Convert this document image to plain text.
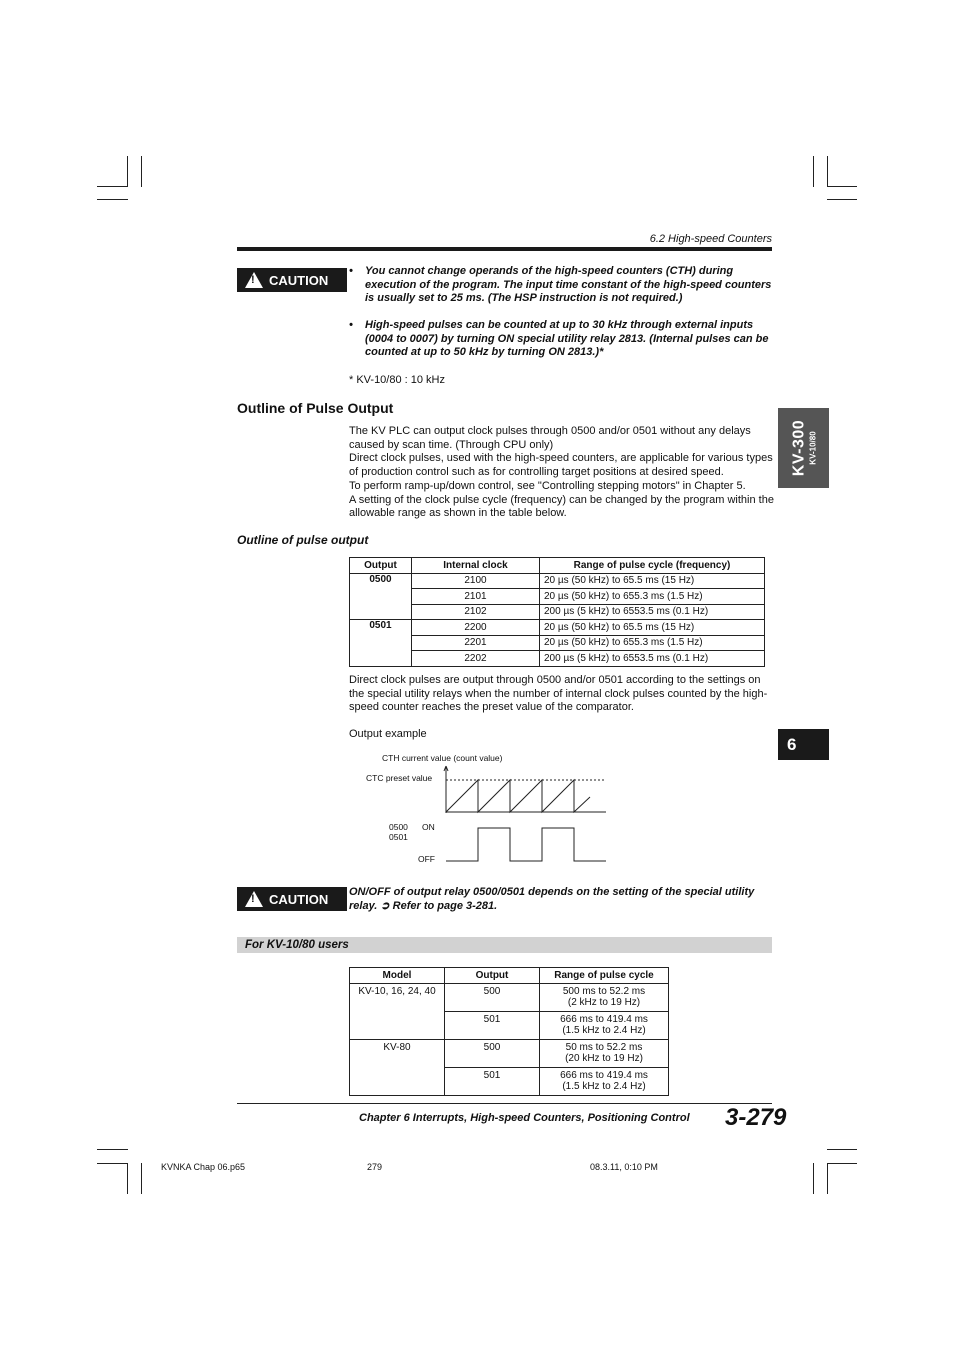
6.2 High-speed Counters
! CAUTION
• You cannot change operands of the high-speed counters (CTH) during execution of the program. The input time constant of the high-speed counters is usually set to 25 ms. (The HSP instruction is not required.)
• High-speed pulses can be counted at up to 30 kHz through external inputs (0004 to 0007) by turning ON special utility relay 2813. (Internal pulses can be counted at up to 50 kHz by turning ON 2813.)*
* KV-10/80 : 10 kHz
Outline of Pulse Output
The KV PLC can output clock pulses through 0500 and/or 0501 without any delays caused by scan time. (Through CPU only)
Direct clock pulses, used with the high-speed counters, are applicable for various types of production control such as for controlling target positions at desired speed.
To perform ramp-up/down control, see "Controlling stepping motors" in Chapter 5.
A setting of the clock pulse cycle (frequency) can be changed by the program within the allowable range as shown in the table below.
Outline of pulse output
Output	Internal clock	Range of pulse cycle (frequency)
0500	2100	20 µs (50 kHz) to 65.5 ms (15 Hz)
	2101	20 µs (50 kHz) to 655.3 ms (1.5 Hz)
	2102	200 µs (5 kHz) to 6553.5 ms (0.1 Hz)
0501	2200	20 µs (50 kHz) to 65.5 ms (15 Hz)
	2201	20 µs (50 kHz) to 655.3 ms (1.5 Hz)
	2202	200 µs (5 kHz) to 6553.5 ms (0.1 Hz)
Direct clock pulses are output through 0500 and/or 0501 according to the settings on the special utility relays when the number of internal clock pulses counted by the high-speed counter reaches the preset value of the comparator.
Output example
CTH current value (count value)
CTC preset value
0500
0501
ON
OFF
! CAUTION ON/OFF of output relay 0500/0501 depends on the setting of the special utility relay. ➲ Refer to page 3-281.
For KV-10/80 users
Model	Output	Range of pulse cycle
KV-10, 16, 24, 40	500	500 ms to 52.2 ms
(2 kHz to 19 Hz)

	501	666 ms to 419.4 ms
(1.5 kHz to 2.4 Hz)

KV-80	500	50 ms to 52.2 ms
(20 kHz to 19 Hz)

	501	666 ms to 419.4 ms
(1.5 kHz to 2.4 Hz)
KV-300 KV-10/80
6
Chapter 6 Interrupts, High-speed Counters, Positioning Control 3-279
KVNKA Chap 06.p65	279	08.3.11, 0:10 PM
